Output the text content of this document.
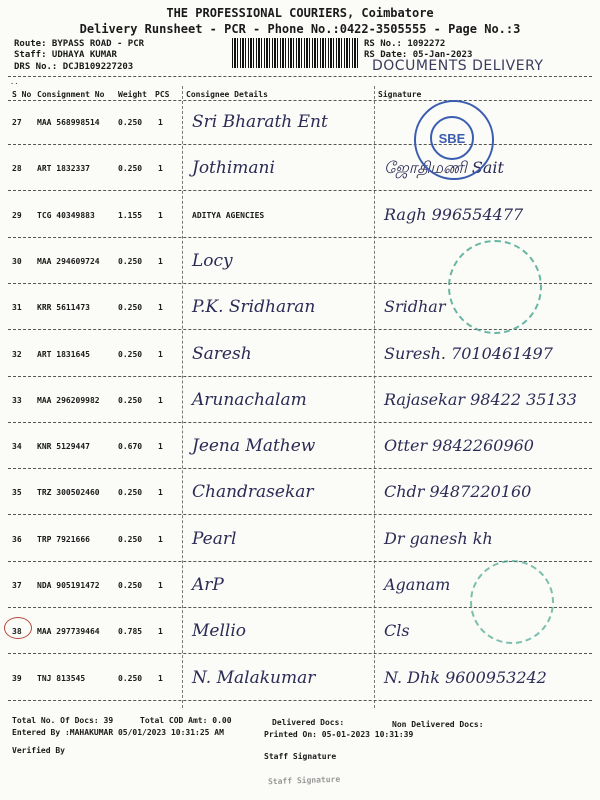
THE PROFESSIONAL COURIERS, Coimbatore
Delivery Runsheet - PCR - Phone No.:0422-3505555 - Page No.:3
Route: BYPASS ROAD - PCR
Staff: UDHAYA KUMAR
DRS No.: DCJB109227203
RS No.: 1092272
RS Date: 05-Jan-2023
DOCUMENTS DELIVERY
..
S No Consignment No Weight PCS Consignee Details	Signature
27 MAA 568998514 0.250 1 Sri Bharath Ent
28 ART 1832337	0.250 1 Jothimani	ஜோதிமணி Sait
29 TCG 40349883	1.155 1	ADITYA AGENCIES	Ragh 996554477
30 MAA 294609724 0.250 1 Locy
31 KRR 5611473	0.250 1 P.K. Sridharan	Sridhar
32 ART 1831645	0.250 1 Saresh	Suresh. 7010461497
33 MAA 296209982 0.250 1 Arunachalam	Rajasekar 98422 35133
34 KNR 5129447	0.670 1 Jeena Mathew	Otter 9842260960
35 TRZ 300502460 0.250 1 Chandrasekar	Chdr 9487220160
36 TRP 7921666	0.250 1 Pearl	Dr ganesh kh
37 NDA 905191472 0.250 1 ArP	Aganam
38 MAA 297739464 0.785 1 Mellio	Cls
39 TNJ 813545	0.250 1 N. Malakumar	N. Dhk 9600953242
SBE
Total No. Of Docs: 39	Total COD Amt: 0.00	Delivered Docs:	Non Delivered Docs:
Entered By :MAHAKUMAR 05/01/2023 10:31:25 AM	Printed On: 05-01-2023 10:31:39
Verified By
Staff Signature
Staff Signature
